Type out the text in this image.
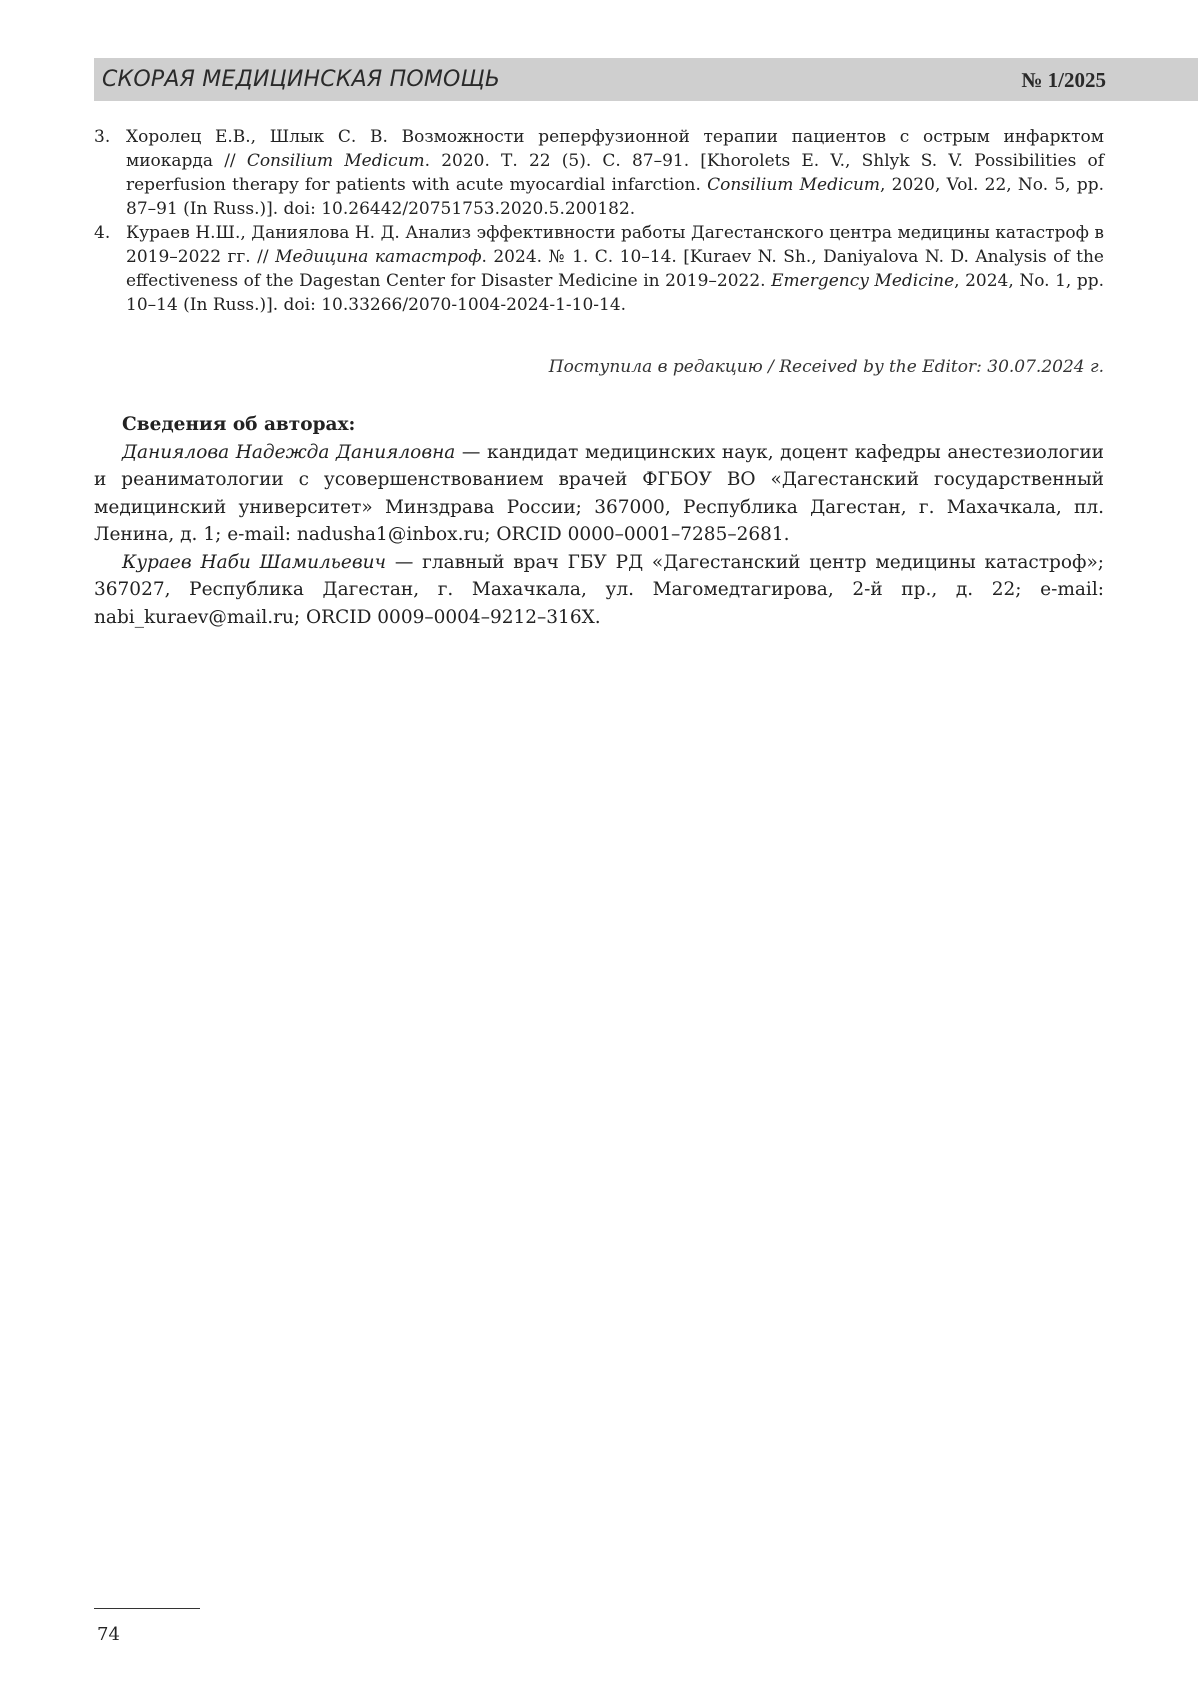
СКОРАЯ МЕДИЦИНСКАЯ ПОМОЩЬ	№ 1/2025
3. Хоролец Е.В., Шлык С. В. Возможности реперфузионной терапии пациентов с острым инфарктом миокарда // Consilium Medicum. 2020. Т. 22 (5). С. 87–91. [Khorolets E. V., Shlyk S. V. Possibilities of reperfusion therapy for patients with acute myocardial infarction. Consilium Medicum, 2020, Vol. 22, No. 5, pp. 87–91 (In Russ.)]. doi: 10.26442/20751753.2020.5.200182.
4. Кураев Н.Ш., Даниялова Н. Д. Анализ эффективности работы Дагестанского центра медицины катастроф в 2019–2022 гг. // Медицина катастроф. 2024. № 1. С. 10–14. [Kuraev N. Sh., Daniyalova N. D. Analysis of the effectiveness of the Dagestan Center for Disaster Medicine in 2019–2022. Emergency Medicine, 2024, No. 1, pp. 10–14 (In Russ.)]. doi: 10.33266/2070-1004-2024-1-10-14.
Поступила в редакцию / Received by the Editor: 30.07.2024 г.
Сведения об авторах:

Даниялова Надежда Данияловна — кандидат медицинских наук, доцент кафедры анестезиологии и реаниматологии с усовершенствованием врачей ФГБОУ ВО «Дагестанский государственный медицинский университет» Минздрава России; 367000, Республика Дагестан, г. Махачкала, пл. Ленина, д. 1; e-mail: nadusha1@inbox.ru; ORCID 0000–0001–7285–2681.

Кураев Наби Шамильевич — главный врач ГБУ РД «Дагестанский центр медицины катастроф»; 367027, Республика Дагестан, г. Махачкала, ул. Магомедтагирова, 2-й пр., д. 22; e-mail: nabi_kuraev@mail.ru; ORCID 0009–0004–9212–316X.

74
